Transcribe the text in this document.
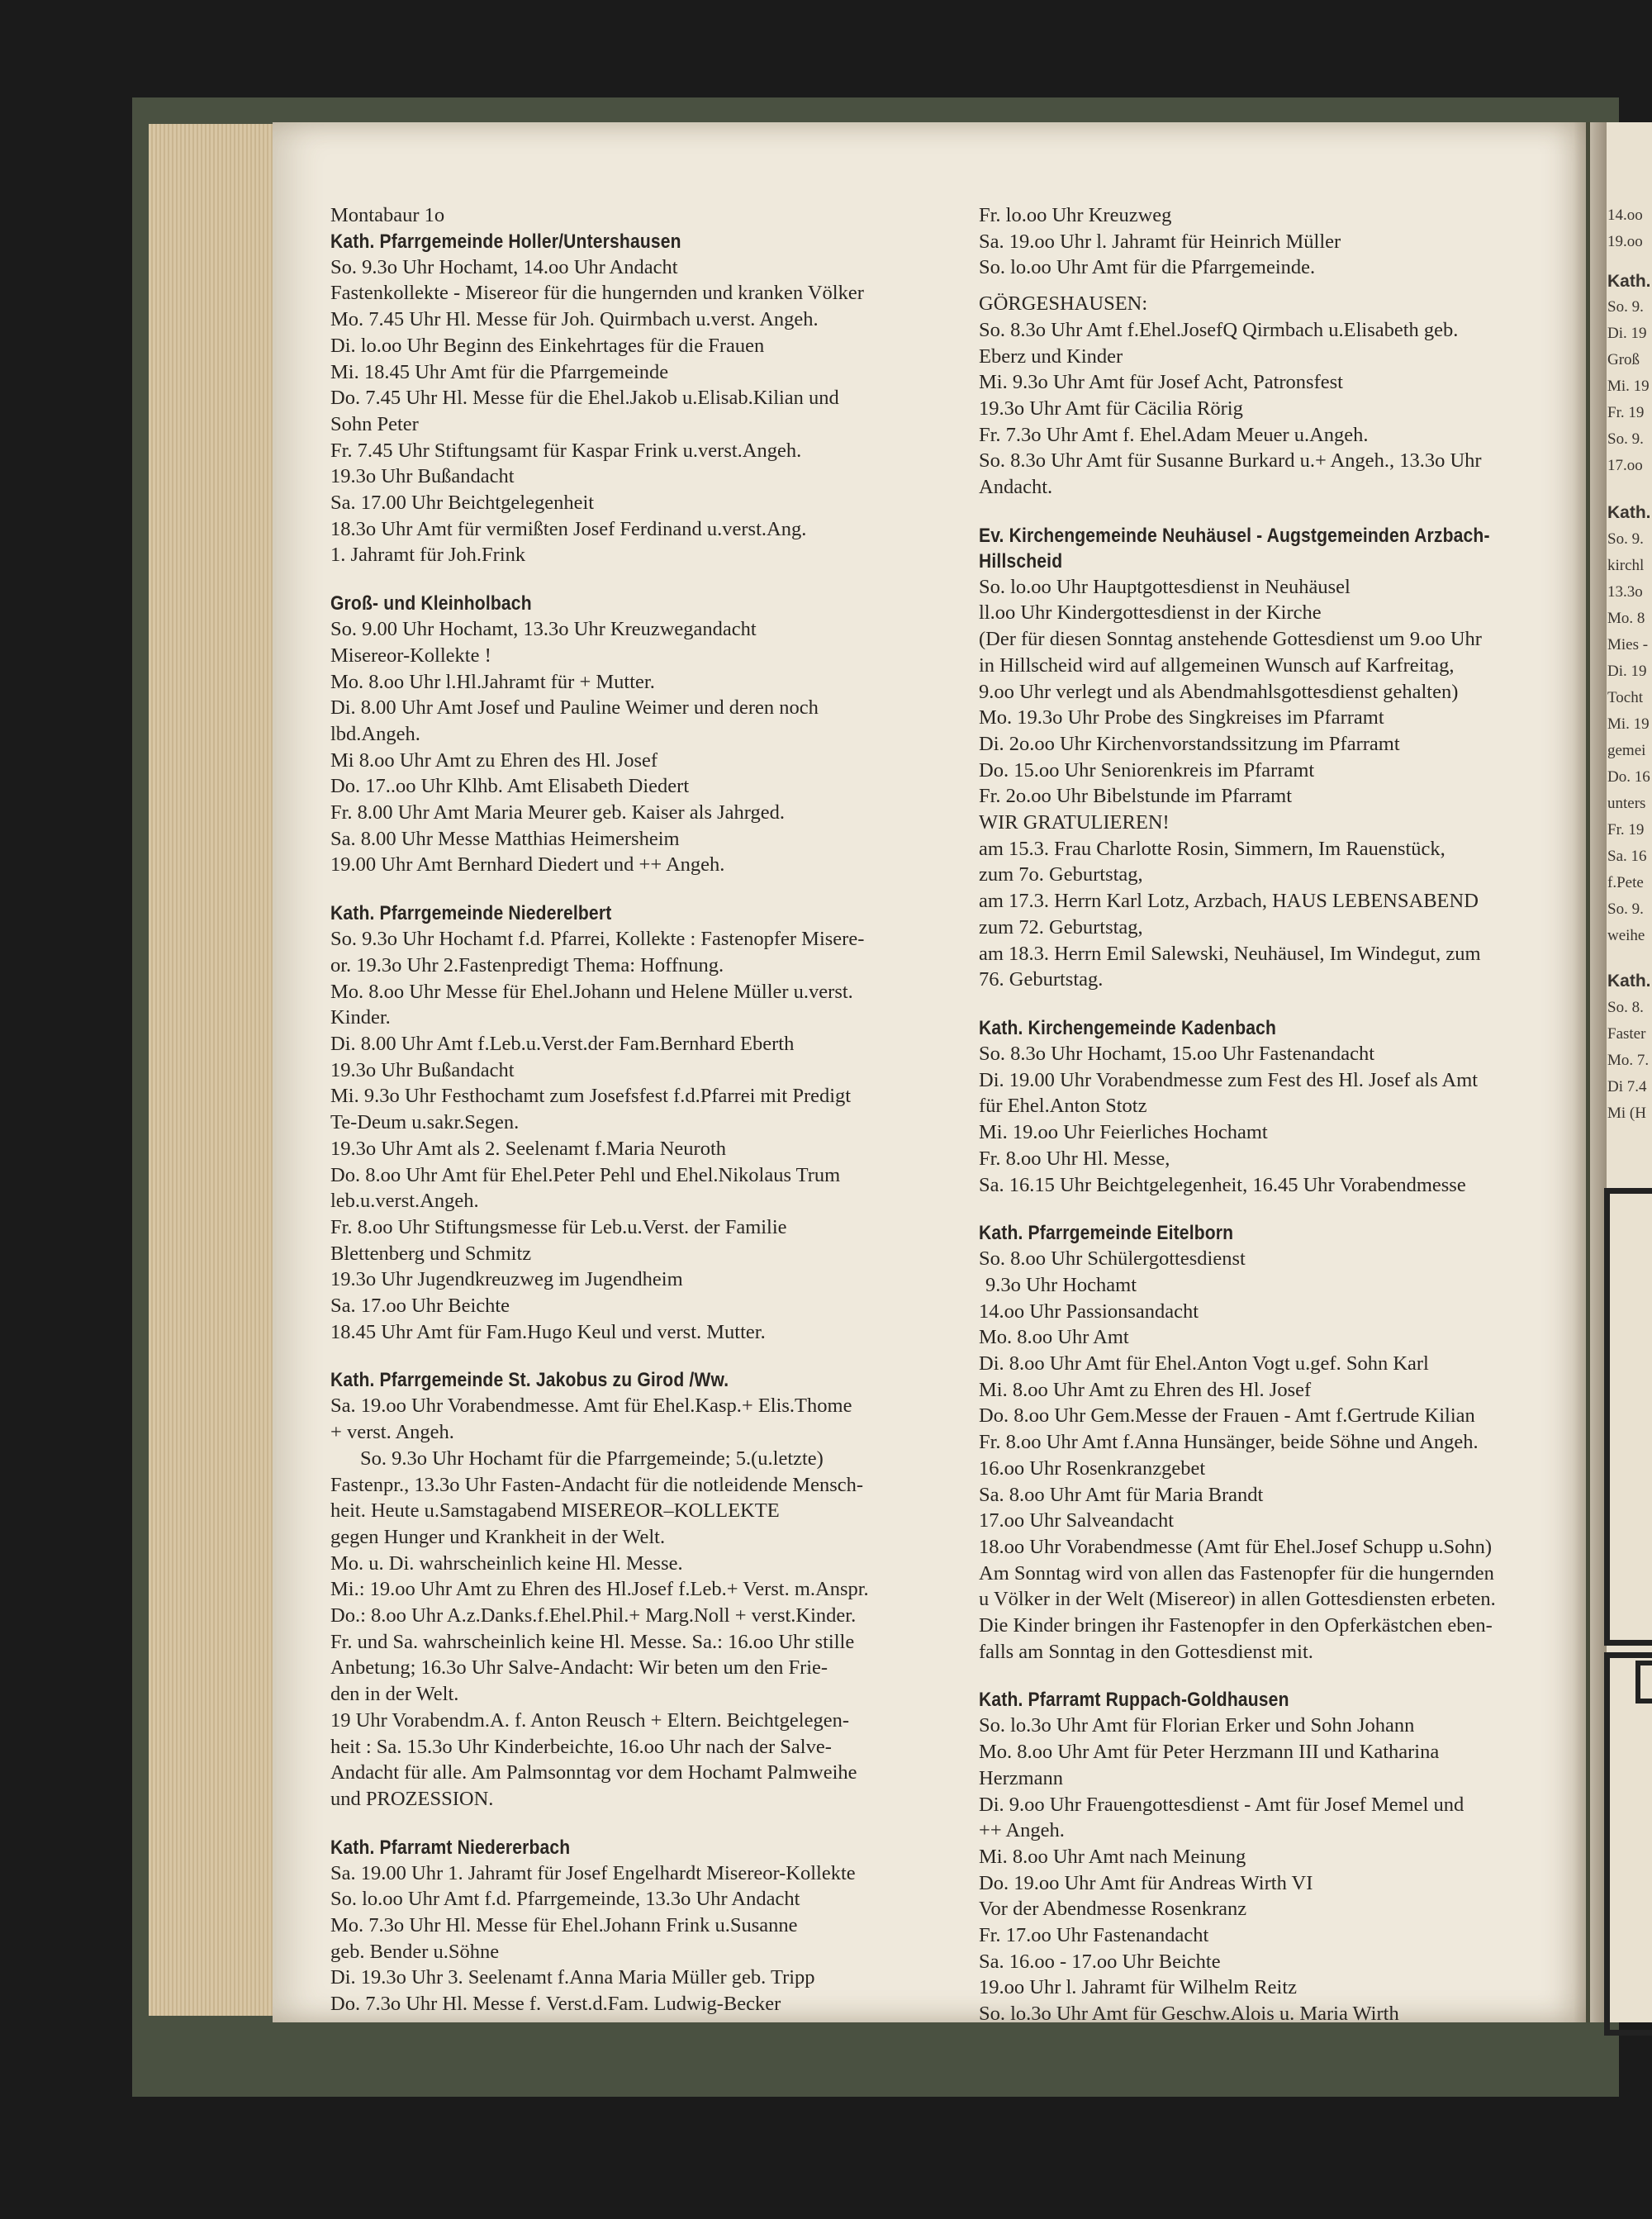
Montabaur 1o
Kath. Pfarrgemeinde Holler/Untershausen
So. 9.3o Uhr Hochamt, 14.oo Uhr Andacht
Fastenkollekte - Misereor für die hungernden und kranken Völker
Mo. 7.45 Uhr Hl. Messe für Joh. Quirmbach u.verst. Angeh.
Di. lo.oo Uhr Beginn des Einkehrtages für die Frauen
Mi. 18.45 Uhr Amt für die Pfarrgemeinde
Do. 7.45 Uhr Hl. Messe für die Ehel.Jakob u.Elisab.Kilian und
Sohn Peter
Fr. 7.45 Uhr Stiftungsamt für Kaspar Frink u.verst.Angeh.
19.3o Uhr Bußandacht
Sa. 17.00 Uhr Beichtgelegenheit
18.3o Uhr Amt für vermißten Josef Ferdinand u.verst.Ang.
1. Jahramt für Joh.Frink
Groß- und Kleinholbach
So. 9.00 Uhr Hochamt, 13.3o Uhr Kreuzwegandacht
Misereor-Kollekte !
Mo. 8.oo Uhr l.Hl.Jahramt für + Mutter.
Di. 8.00 Uhr Amt Josef und Pauline Weimer und deren noch
lbd.Angeh.
Mi 8.oo Uhr Amt zu Ehren des Hl. Josef
Do. 17..oo Uhr Klhb. Amt Elisabeth Diedert
Fr. 8.00 Uhr Amt Maria Meurer geb. Kaiser als Jahrged.
Sa. 8.00 Uhr Messe Matthias Heimersheim
19.00 Uhr Amt Bernhard Diedert und ++ Angeh.
Kath. Pfarrgemeinde Niederelbert
So. 9.3o Uhr Hochamt f.d. Pfarrei, Kollekte : Fastenopfer Misere-
or. 19.3o Uhr 2.Fastenpredigt Thema: Hoffnung.
Mo. 8.oo Uhr Messe für Ehel.Johann und Helene Müller u.verst.
Kinder.
Di. 8.00 Uhr Amt f.Leb.u.Verst.der Fam.Bernhard Eberth
19.3o Uhr Bußandacht
Mi. 9.3o Uhr Festhochamt zum Josefsfest f.d.Pfarrei mit Predigt
Te-Deum u.sakr.Segen.
19.3o Uhr Amt als 2. Seelenamt f.Maria Neuroth
Do. 8.oo Uhr Amt für Ehel.Peter Pehl und Ehel.Nikolaus Trum
leb.u.verst.Angeh.
Fr. 8.oo Uhr Stiftungsmesse für Leb.u.Verst. der Familie
Blettenberg und Schmitz
19.3o Uhr Jugendkreuzweg im Jugendheim
Sa. 17.oo Uhr Beichte
18.45 Uhr Amt für Fam.Hugo Keul und verst. Mutter.
Kath. Pfarrgemeinde St. Jakobus zu Girod /Ww.
Sa. 19.oo Uhr Vorabendmesse. Amt für Ehel.Kasp.+ Elis.Thome
+ verst. Angeh.
So. 9.3o Uhr Hochamt für die Pfarrgemeinde; 5.(u.letzte)
Fastenpr., 13.3o Uhr Fasten-Andacht für die notleidende Mensch-
heit. Heute u.Samstagabend MISEREOR–KOLLEKTE
gegen Hunger und Krankheit in der Welt.
Mo. u. Di. wahrscheinlich keine Hl. Messe.
Mi.: 19.oo Uhr Amt zu Ehren des Hl.Josef f.Leb.+ Verst. m.Anspr.
Do.: 8.oo Uhr A.z.Danks.f.Ehel.Phil.+ Marg.Noll + verst.Kinder.
Fr. und Sa. wahrscheinlich keine Hl. Messe. Sa.: 16.oo Uhr stille
Anbetung; 16.3o Uhr Salve-Andacht: Wir beten um den Frie-
den in der Welt.
19 Uhr Vorabendm.A. f. Anton Reusch + Eltern. Beichtgelegen-
heit : Sa. 15.3o Uhr Kinderbeichte, 16.oo Uhr nach der Salve-
Andacht für alle. Am Palmsonntag vor dem Hochamt Palmweihe
und PROZESSION.
Kath. Pfarramt Niedererbach
Sa. 19.00 Uhr 1. Jahramt für Josef Engelhardt Misereor-Kollekte
So. lo.oo Uhr Amt f.d. Pfarrgemeinde, 13.3o Uhr Andacht
Mo. 7.3o Uhr Hl. Messe für Ehel.Johann Frink u.Susanne
geb. Bender u.Söhne
Di. 19.3o Uhr 3. Seelenamt f.Anna Maria Müller geb. Tripp
Do. 7.3o Uhr Hl. Messe f. Verst.d.Fam. Ludwig-Becker
Fr. lo.oo Uhr Kreuzweg
Sa. 19.oo Uhr l. Jahramt für Heinrich Müller
So. lo.oo Uhr Amt für die Pfarrgemeinde.
GÖRGESHAUSEN:
So. 8.3o Uhr Amt f.Ehel.JosefQ Qirmbach u.Elisabeth geb.
Eberz und Kinder
Mi. 9.3o Uhr Amt für Josef Acht, Patronsfest
19.3o Uhr Amt für Cäcilia Rörig
Fr. 7.3o Uhr Amt f. Ehel.Adam Meuer u.Angeh.
So. 8.3o Uhr Amt für Susanne Burkard u.+ Angeh., 13.3o Uhr
Andacht.
Ev. Kirchengemeinde Neuhäusel - Augstgemeinden Arzbach-
Hillscheid
So. lo.oo Uhr Hauptgottesdienst in Neuhäusel
ll.oo Uhr Kindergottesdienst in der Kirche
(Der für diesen Sonntag anstehende Gottesdienst um 9.oo Uhr
in Hillscheid wird auf allgemeinen Wunsch auf Karfreitag,
9.oo Uhr verlegt und als Abendmahlsgottesdienst gehalten)
Mo. 19.3o Uhr Probe des Singkreises im Pfarramt
Di. 2o.oo Uhr Kirchenvorstandssitzung im Pfarramt
Do. 15.oo Uhr Seniorenkreis im Pfarramt
Fr. 2o.oo Uhr Bibelstunde im Pfarramt
WIR GRATULIEREN!
am 15.3. Frau Charlotte Rosin, Simmern, Im Rauenstück,
zum 7o. Geburtstag,
am 17.3. Herrn Karl Lotz, Arzbach, HAUS LEBENSABEND
zum 72. Geburtstag,
am 18.3. Herrn Emil Salewski, Neuhäusel, Im Windegut, zum
76. Geburtstag.
Kath. Kirchengemeinde Kadenbach
So. 8.3o Uhr Hochamt, 15.oo Uhr Fastenandacht
Di. 19.00 Uhr Vorabendmesse zum Fest des Hl. Josef als Amt
für Ehel.Anton Stotz
Mi. 19.oo Uhr Feierliches Hochamt
Fr. 8.oo Uhr Hl. Messe,
Sa. 16.15 Uhr Beichtgelegenheit, 16.45 Uhr Vorabendmesse
Kath. Pfarrgemeinde Eitelborn
So. 8.oo Uhr Schülergottesdienst
9.3o Uhr Hochamt
14.oo Uhr Passionsandacht
Mo. 8.oo Uhr Amt
Di. 8.oo Uhr Amt für Ehel.Anton Vogt u.gef. Sohn Karl
Mi. 8.oo Uhr Amt zu Ehren des Hl. Josef
Do. 8.oo Uhr Gem.Messe der Frauen - Amt f.Gertrude Kilian
Fr. 8.oo Uhr Amt f.Anna Hunsänger, beide Söhne und Angeh.
16.oo Uhr Rosenkranzgebet
Sa. 8.oo Uhr Amt für Maria Brandt
17.oo Uhr Salveandacht
18.oo Uhr Vorabendmesse (Amt für Ehel.Josef Schupp u.Sohn)
Am Sonntag wird von allen das Fastenopfer für die hungernden
u Völker in der Welt (Misereor) in allen Gottesdiensten erbeten.
Die Kinder bringen ihr Fastenopfer in den Opferkästchen eben-
falls am Sonntag in den Gottesdienst mit.
Kath. Pfarramt Ruppach-Goldhausen
So. lo.3o Uhr Amt für Florian Erker und Sohn Johann
Mo. 8.oo Uhr Amt für Peter Herzmann III und Katharina
Herzmann
Di. 9.oo Uhr Frauengottesdienst - Amt für Josef Memel und
++ Angeh.
Mi. 8.oo Uhr Amt nach Meinung
Do. 19.oo Uhr Amt für Andreas Wirth VI
Vor der Abendmesse Rosenkranz
Fr. 17.oo Uhr Fastenandacht
Sa. 16.oo - 17.oo Uhr Beichte
19.oo Uhr l. Jahramt für Wilhelm Reitz
So. lo.3o Uhr Amt für Geschw.Alois u. Maria Wirth
14.oo
19.oo
Kath.
So. 9.
Di. 19
Groß
Mi. 19
Fr. 19
So. 9.
17.oo
Kath.
So. 9.
kirchl
13.3o
Mo. 8
Mies -
Di. 19
Tocht
Mi. 19
gemei
Do. 16
unters
Fr. 19
Sa. 16
f.Pete
So. 9.
weihe
Kath.
So. 8.
Faster
Mo. 7.
Di 7.4
Mi (H
